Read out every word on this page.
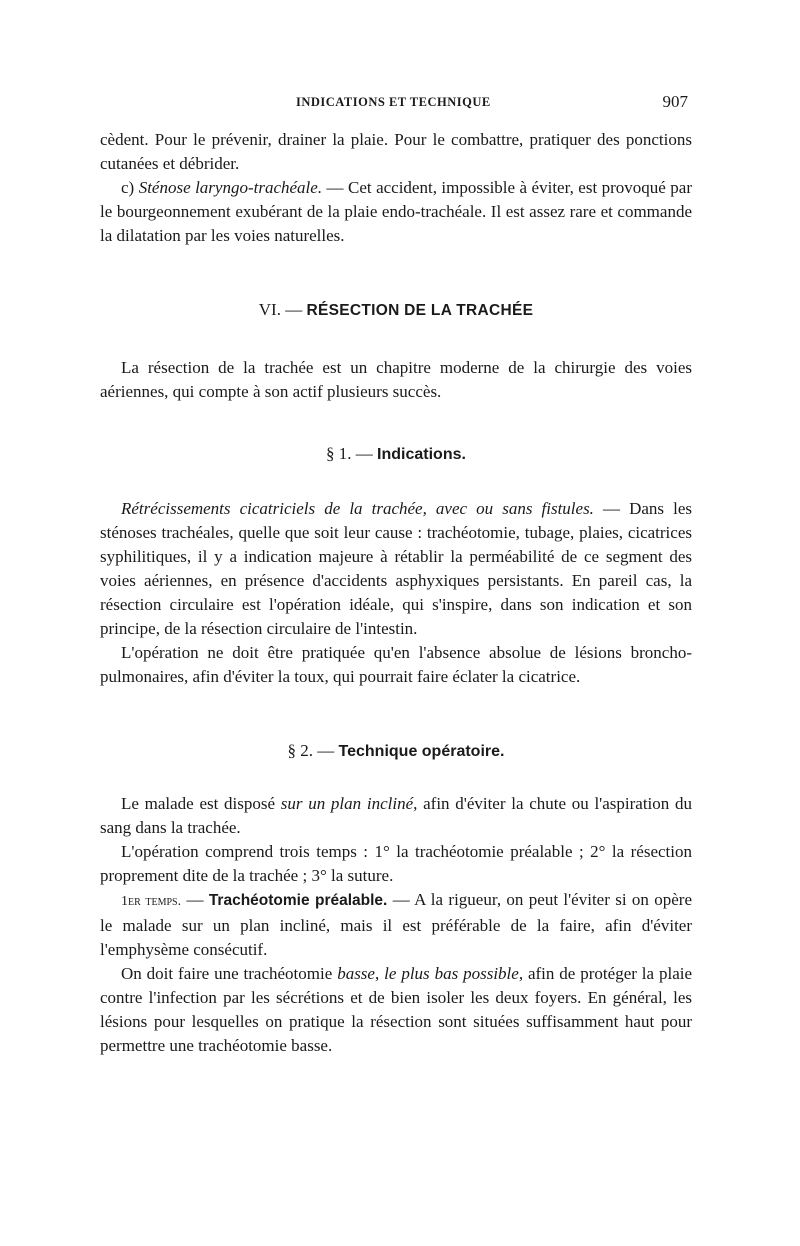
INDICATIONS ET TECHNIQUE	907

cèdent. Pour le prévenir, drainer la plaie. Pour le combattre, pratiquer des ponctions cutanées et débrider.

c) Sténose laryngo-trachéale. — Cet accident, impossible à éviter, est provoqué par le bourgeonnement exubérant de la plaie endo-trachéale. Il est assez rare et commande la dilatation par les voies naturelles.

VI. — RÉSECTION DE LA TRACHÉE

La résection de la trachée est un chapitre moderne de la chirurgie des voies aériennes, qui compte à son actif plusieurs succès.

§ 1. — Indications.

Rétrécissements cicatriciels de la trachée, avec ou sans fistules. — Dans les sténoses trachéales, quelle que soit leur cause : trachéotomie, tubage, plaies, cicatrices syphilitiques, il y a indication majeure à rétablir la perméabilité de ce segment des voies aériennes, en présence d'accidents asphyxiques persistants. En pareil cas, la résection circulaire est l'opération idéale, qui s'inspire, dans son indication et son principe, de la résection circulaire de l'intestin.

L'opération ne doit être pratiquée qu'en l'absence absolue de lésions broncho-pulmonaires, afin d'éviter la toux, qui pourrait faire éclater la cicatrice.

§ 2. — Technique opératoire.

Le malade est disposé sur un plan incliné, afin d'éviter la chute ou l'aspiration du sang dans la trachée.

L'opération comprend trois temps : 1° la trachéotomie préalable ; 2° la résection proprement dite de la trachée ; 3° la suture.

1er temps. — Trachéotomie préalable. — A la rigueur, on peut l'éviter si on opère le malade sur un plan incliné, mais il est préférable de la faire, afin d'éviter l'emphysème consécutif.

On doit faire une trachéotomie basse, le plus bas possible, afin de protéger la plaie contre l'infection par les sécrétions et de bien isoler les deux foyers. En général, les lésions pour lesquelles on pratique la résection sont situées suffisamment haut pour permettre une trachéotomie basse.
